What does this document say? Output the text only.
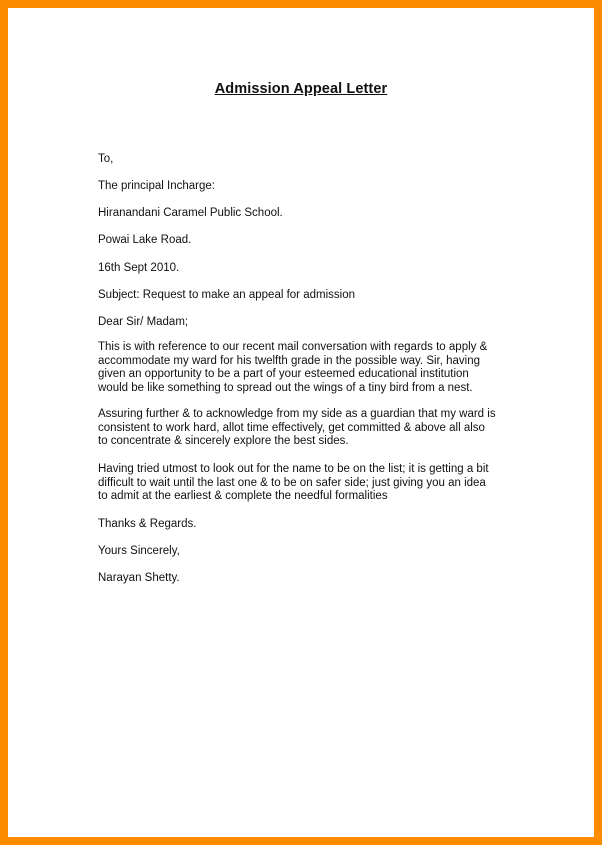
Admission Appeal Letter
To,
The principal Incharge:
Hiranandani Caramel Public School.
Powai Lake Road.
16th Sept 2010.
Subject: Request to make an appeal for admission
Dear Sir/ Madam;
This is with reference to our recent mail conversation with regards to apply &
accommodate my ward for his twelfth grade in the possible way. Sir, having
given an opportunity to be a part of your esteemed educational institution
would be like something to spread out the wings of a tiny bird from a nest.
Assuring further & to acknowledge from my side as a guardian that my ward is
consistent to work hard, allot time effectively, get committed & above all also
to concentrate & sincerely explore the best sides.
Having tried utmost to look out for the name to be on the list; it is getting a bit
difficult to wait until the last one & to be on safer side; just giving you an idea
to admit at the earliest & complete the needful formalities
Thanks & Regards.
Yours Sincerely,
Narayan Shetty.
